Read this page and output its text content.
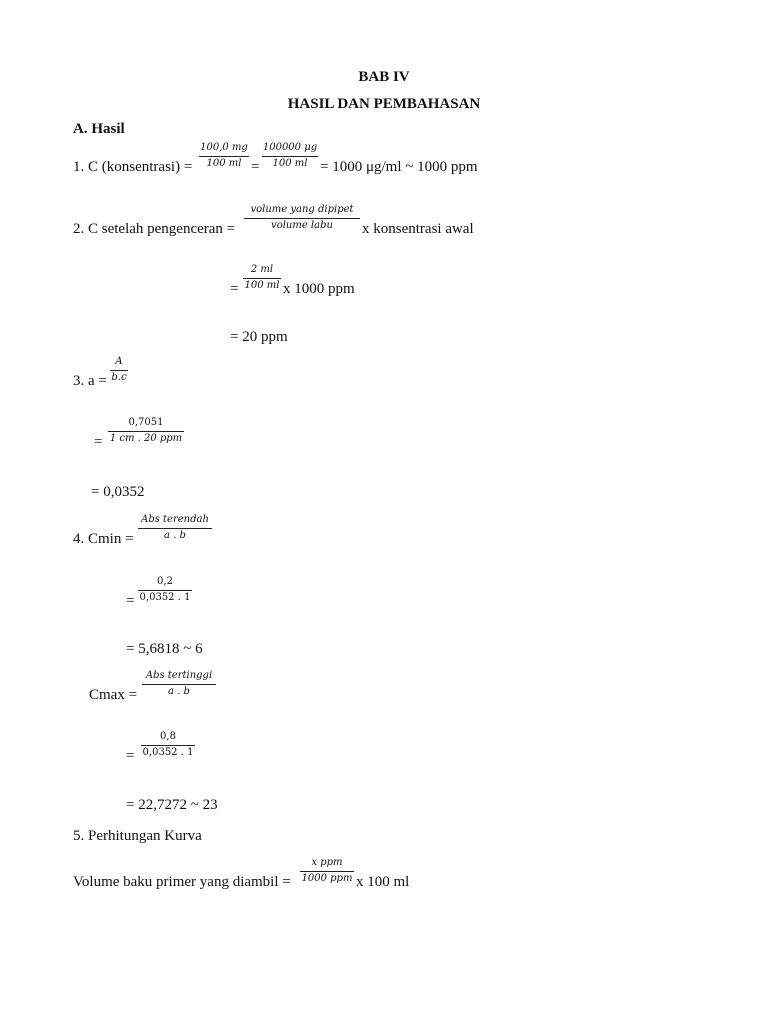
BAB IV
HASIL DAN PEMBAHASAN
A. Hasil
1. C (konsentrasi) =
100,0 mg
100 ml =
100000 μg
100 ml = 1000 μg/ml ~ 1000 ppm
2. C setelah pengenceran =
volume yang dipipet
volume labu	x konsentrasi awal
=
2 ml
100 ml x 1000 ppm
= 20 ppm
3. a =
A
b.c
=
0,7051
1 cm . 20 ppm
= 0,0352
4. Cmin =
Abs terendah
a . b
=
0,2
0,0352 . 1
= 5,6818 ~ 6
Cmax =
Abs tertinggi
a . b
=
0,8
0,0352 . 1
= 22,7272 ~ 23
5. Perhitungan Kurva
Volume baku primer yang diambil =
x ppm
1000 ppm x 100 ml
